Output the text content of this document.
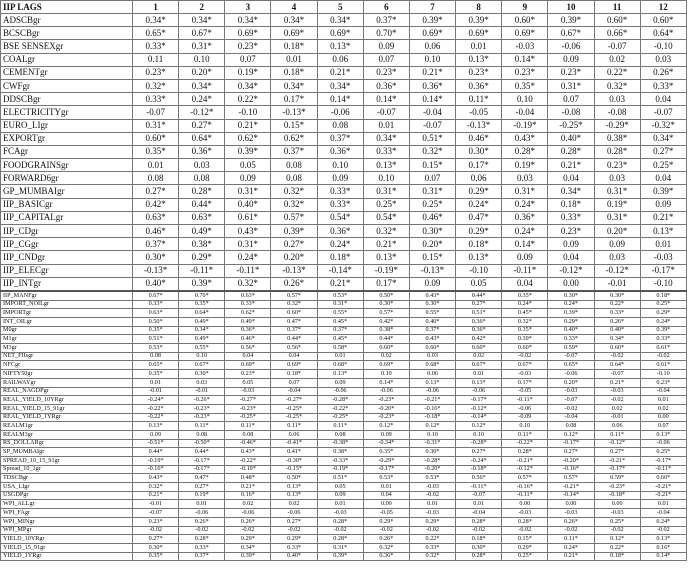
IIP LAGS	1	2	3	4	5	6	7	8	9	10	11	12
ADSCBgr	0.34*	0.34*	0.34*	0.34*	0.34*	0.37*	0.39*	0.39*	0.60*	0.39*	0.60*	0.60*
BCSCBgr	0.65*	0.67*	0.69*	0.69*	0.69*	0.70*	0.69*	0.69*	0.69*	0.67*	0.66*	0.64*
BSE SENSEXgr	0.33*	0.31*	0.23*	0.18*	0.13*	0.09	0.06	0.01	-0.03	-0.06	-0.07	-0.10
COALgr	0.11	0.10	0.07	0.01	0.06	0.07	0.10	0.13*	0.14*	0.09	0.02	0.03
CEMENTgr	0.23*	0.20*	0.19*	0.18*	0.21*	0.23*	0.21*	0.23*	0.23*	0.23*	0.22*	0.26*
CWFgr	0.32*	0.34*	0.34*	0.34*	0.34*	0.36*	0.36*	0.36*	0.35*	0.31*	0.32*	0.33*
DDSCBgr	0.33*	0.24*	0.22*	0.17*	0.14*	0.14*	0.14*	0.11*	0.10	0.07	0.03	0.04
ELECTRICITYgr	-0.07	-0.12*	-0.10	-0.13*	-0.06	-0.07	-0.04	-0.05	-0.04	-0.08	-0.08	-0.07
EURO_LIgr	0.31*	0.27*	0.21*	0.15*	0.08	0.01	-0.07	-0.13*	-0.19*	-0.25*	-0.29*	-0.32*
EXPORTgr	0.60*	0.64*	0.62*	0.62*	0.37*	0.34*	0.51*	0.46*	0.43*	0.40*	0.38*	0.34*
FCAgr	0.35*	0.36*	0.39*	0.37*	0.36*	0.33*	0.32*	0.30*	0.28*	0.28*	0.28*	0.27*
FOODGRAINSgr	0.01	0.03	0.05	0.08	0.10	0.13*	0.15*	0.17*	0.19*	0.21*	0.23*	0.25*
FORWARD6gr	0.08	0.08	0.09	0.08	0.09	0.10	0.07	0.06	0.03	0.04	0.03	0.04
GP_MUMBAIgr	0.27*	0.28*	0.31*	0.32*	0.33*	0.31*	0.31*	0.29*	0.31*	0.34*	0.31*	0.39*
IIP_BASICgr	0.42*	0.44*	0.40*	0.32*	0.33*	0.25*	0.25*	0.24*	0.24*	0.18*	0.19*	0.09
IIP_CAPITALgr	0.63*	0.63*	0.61*	0.57*	0.54*	0.54*	0.46*	0.47*	0.36*	0.33*	0.31*	0.21*
IIP_CDgr	0.46*	0.49*	0.43*	0.39*	0.36*	0.32*	0.30*	0.29*	0.24*	0.23*	0.20*	0.13*
IIP_CGgr	0.37*	0.38*	0.31*	0.27*	0.24*	0.21*	0.20*	0.18*	0.14*	0.09	0.09	0.01
IIP_CNDgr	0.30*	0.29*	0.24*	0.20*	0.18*	0.13*	0.15*	0.13*	0.09	0.04	0.03	-0.03
IIP_ELECgr	-0.13*	-0.11*	-0.11*	-0.13*	-0.14*	-0.19*	-0.13*	-0.10	-0.11*	-0.12*	-0.12*	-0.17*
IIP_INTgr	0.40*	0.39*	0.32*	0.26*	0.21*	0.17*	0.09	0.05	0.04	0.00	-0.01	-0.10
IIP_MANFgr	0.67*	0.70*	0.63*	0.57*	0.53*	0.50*	0.43*	0.44*	0.35*	0.30*	0.30*	0.18*
IMPORT_NOILgr	0.33*	0.35*	0.33*	0.32*	0.31*	0.30*	0.30*	0.27*	0.24*	0.24*	0.22*	0.25*
IMPORTgr	0.63*	0.64*	0.62*	0.60*	0.55*	0.57*	0.55*	0.51*	0.45*	0.39*	0.33*	0.29*
INT_OILgr	0.50*	0.49*	0.49*	0.47*	0.45*	0.42*	0.40*	0.36*	0.32*	0.29*	0.26*	0.24*
M0gr	0.35*	0.34*	0.36*	0.37*	0.37*	0.38*	0.37*	0.36*	0.35*	0.40*	0.40*	0.39*
M1gr	0.51*	0.49*	0.46*	0.44*	0.45*	0.44*	0.43*	0.42*	0.39*	0.33*	0.34*	0.33*
M3gr	0.53*	0.55*	0.56*	0.56*	0.58*	0.60*	0.60*	0.60*	0.60*	0.59*	0.60*	0.61*
NET_FIIsgr	0.08	0.10	0.04	0.04	0.01	0.02	0.03	0.02	-0.02	-0.07	-0.02	-0.02
NFCgr	0.65*	0.67*	0.69*	0.69*	0.68*	0.69*	0.68*	0.67*	0.67*	0.65*	0.64*	0.61*
NIFTY50gr	0.35*	0.30*	0.23*	0.18*	0.13*	0.10	0.06	0.01	-0.03	-0.06	-0.07	-0.10
RAILWAYgr	0.01	0.03	0.05	0.07	0.09	0.14*	0.13*	0.13*	0.17*	0.20*	0.21*	0.23*
REAL_NAGDPgr	-0.01	-0.01	-0.03	-0.04	-0.06	-0.06	-0.06	-0.06	-0.05	-0.03	-0.03	-0.04
REAL_YIELD_10YRgr	-0.24*	-0.26*	-0.27*	-0.27*	-0.28*	-0.23*	-0.21*	-0.17*	-0.11*	-0.07	-0.02	0.01
REAL_YIELD_15_91gr	-0.22*	-0.23*	-0.23*	-0.25*	-0.22*	-0.20*	-0.16*	-0.12*	-0.06	-0.02	0.02	0.02
REAL_YIELD_1YRgr	-0.22*	-0.23*	-0.25*	-0.25*	-0.25*	-0.23*	-0.18*	-0.14*	-0.09	-0.04	-0.01	0.00
REALM1gr	0.13*	0.11*	0.11*	0.11*	0.11*	0.12*	0.12*	0.12*	0.10	0.08	0.06	0.07
REALM3gr	0.09	0.08	0.08	0.06	0.08	0.09	0.10	0.10	0.11*	0.12*	0.11*	0.13*
RS_DOLLARgr	-0.51*	-0.50*	-0.46*	-0.41*	-0.38*	-0.34*	-0.31*	-0.28*	-0.22*	-0.17*	-0.12*	-0.06
SP_MUMBAIgr	0.44*	0.44*	0.43*	0.41*	0.38*	0.35*	0.30*	0.27*	0.28*	0.27*	0.27*	0.25*
SPREAD_10_15_91gr	-0.19*	-0.17*	-0.22*	-0.30*	-0.33*	-0.29*	-0.28*	-0.24*	-0.21*	-0.20*	-0.21*	-0.17*
Spread_10_1gr	-0.16*	-0.17*	-0.19*	-0.15*	-0.19*	-0.17*	-0.20*	-0.18*	-0.12*	-0.16*	-0.17*	-0.11*
TDSCBgr	0.43*	0.47*	0.48*	0.50*	0.51*	0.53*	0.53*	0.56*	0.57*	0.57*	0.59*	0.60*
USA_LIgr	0.32*	0.27*	0.21*	0.13*	0.05	0.01	-0.03	-0.11*	-0.16*	-0.21*	-0.23*	-0.21*
USGDPgr	0.21*	0.19*	0.16*	0.13*	0.09	0.04	-0.02	-0.07	-0.11*	-0.14*	-0.18*	-0.21*
WPI_ALLgr	-0.01	0.01	0.02	0.02	0.01	0.00	0.01	0.01	0.00	0.00	0.00	0.01
WPI_FAgr	-0.07	-0.06	-0.06	-0.06	-0.03	-0.05	-0.03	-0.04	-0.03	-0.03	-0.03	-0.04
WPI_MINgr	0.23*	0.26*	0.26*	0.27*	0.28*	0.29*	0.29*	0.28*	0.28*	0.26*	0.25*	0.24*
WPI_MPgr	-0.02	-0.02	-0.02	-0.02	-0.02	-0.02	-0.02	-0.02	-0.02	-0.02	-0.02	-0.02
YIELD_10YRgr	0.27*	0.28*	0.29*	0.29*	0.28*	0.26*	0.22*	0.18*	0.15*	0.11*	0.12*	0.13*
YIELD_15_91gr	0.30*	0.33*	0.34*	0.33*	0.31*	0.32*	0.33*	0.30*	0.29*	0.24*	0.22*	0.16*
YIELD_1YRgr	0.35*	0.37*	0.39*	0.40*	0.39*	0.36*	0.32*	0.28*	0.25*	0.21*	0.18*	0.14*
